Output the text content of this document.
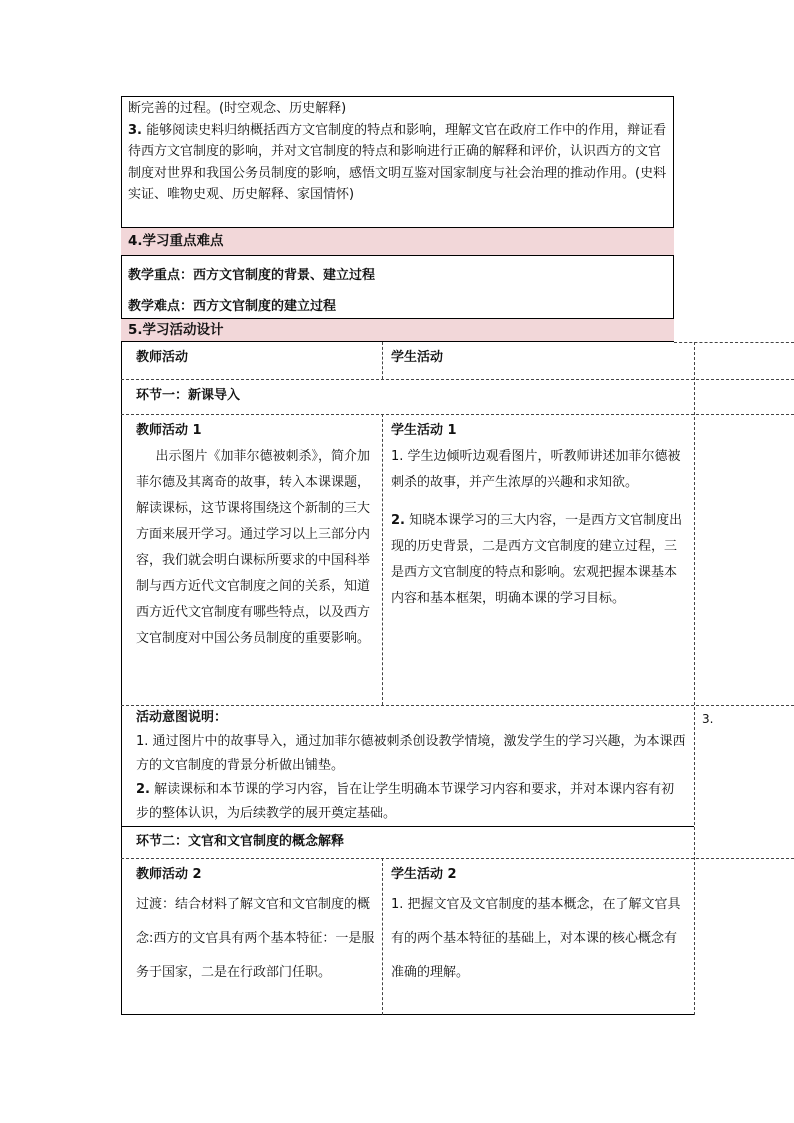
断完善的过程。(时空观念、历史解释)

3. 能够阅读史料归纳概括西方文官制度的特点和影响，理解文官在政府工作中的作用，辩证看待西方文官制度的影响，并对文官制度的特点和影响进行正确的解释和评价，认识西方的文官制度对世界和我国公务员制度的影响，感悟文明互鉴对国家制度与社会治理的推动作用。(史料实证、唯物史观、历史解释、家国情怀)

4.学习重点难点
教学重点：西方文官制度的背景、建立过程
教学难点：西方文官制度的建立过程
5.学习活动设计
教师活动	学生活动
环节一：新课导入

教师活动 1

出示图片《加菲尔德被刺杀》，简介加菲尔德及其离奇的故事，转入本课课题，解读课标，这节课将围绕这个新制的三大方面来展开学习。通过学习以上三部分内容，我们就会明白课标所要求的中国科举制与西方近代文官制度之间的关系，知道西方近代文官制度有哪些特点，以及西方文官制度对中国公务员制度的重要影响。

学生活动 1

1. 学生边倾听边观看图片，听教师讲述加菲尔德被刺杀的故事，并产生浓厚的兴趣和求知欲。

2. 知晓本课学习的三大内容，一是西方文官制度出现的历史背景，二是西方文官制度的建立过程，三是西方文官制度的特点和影响。宏观把握本课基本内容和基本框架，明确本课的学习目标。

活动意图说明：

1. 通过图片中的故事导入，通过加菲尔德被刺杀创设教学情境，激发学生的学习兴趣，为本课西方的文官制度的背景分析做出铺垫。

2. 解读课标和本节课的学习内容，旨在让学生明确本节课学习内容和要求，并对本课内容有初步的整体认识，为后续教学的展开奠定基础。

3.
环节二：文官和文官制度的概念解释

教师活动 2

过渡：结合材料了解文官和文官制度的概念:西方的文官具有两个基本特征：一是服务于国家，二是在行政部门任职。

学生活动 2

1. 把握文官及文官制度的基本概念，在了解文官具有的两个基本特征的基础上，对本课的核心概念有准确的理解。
